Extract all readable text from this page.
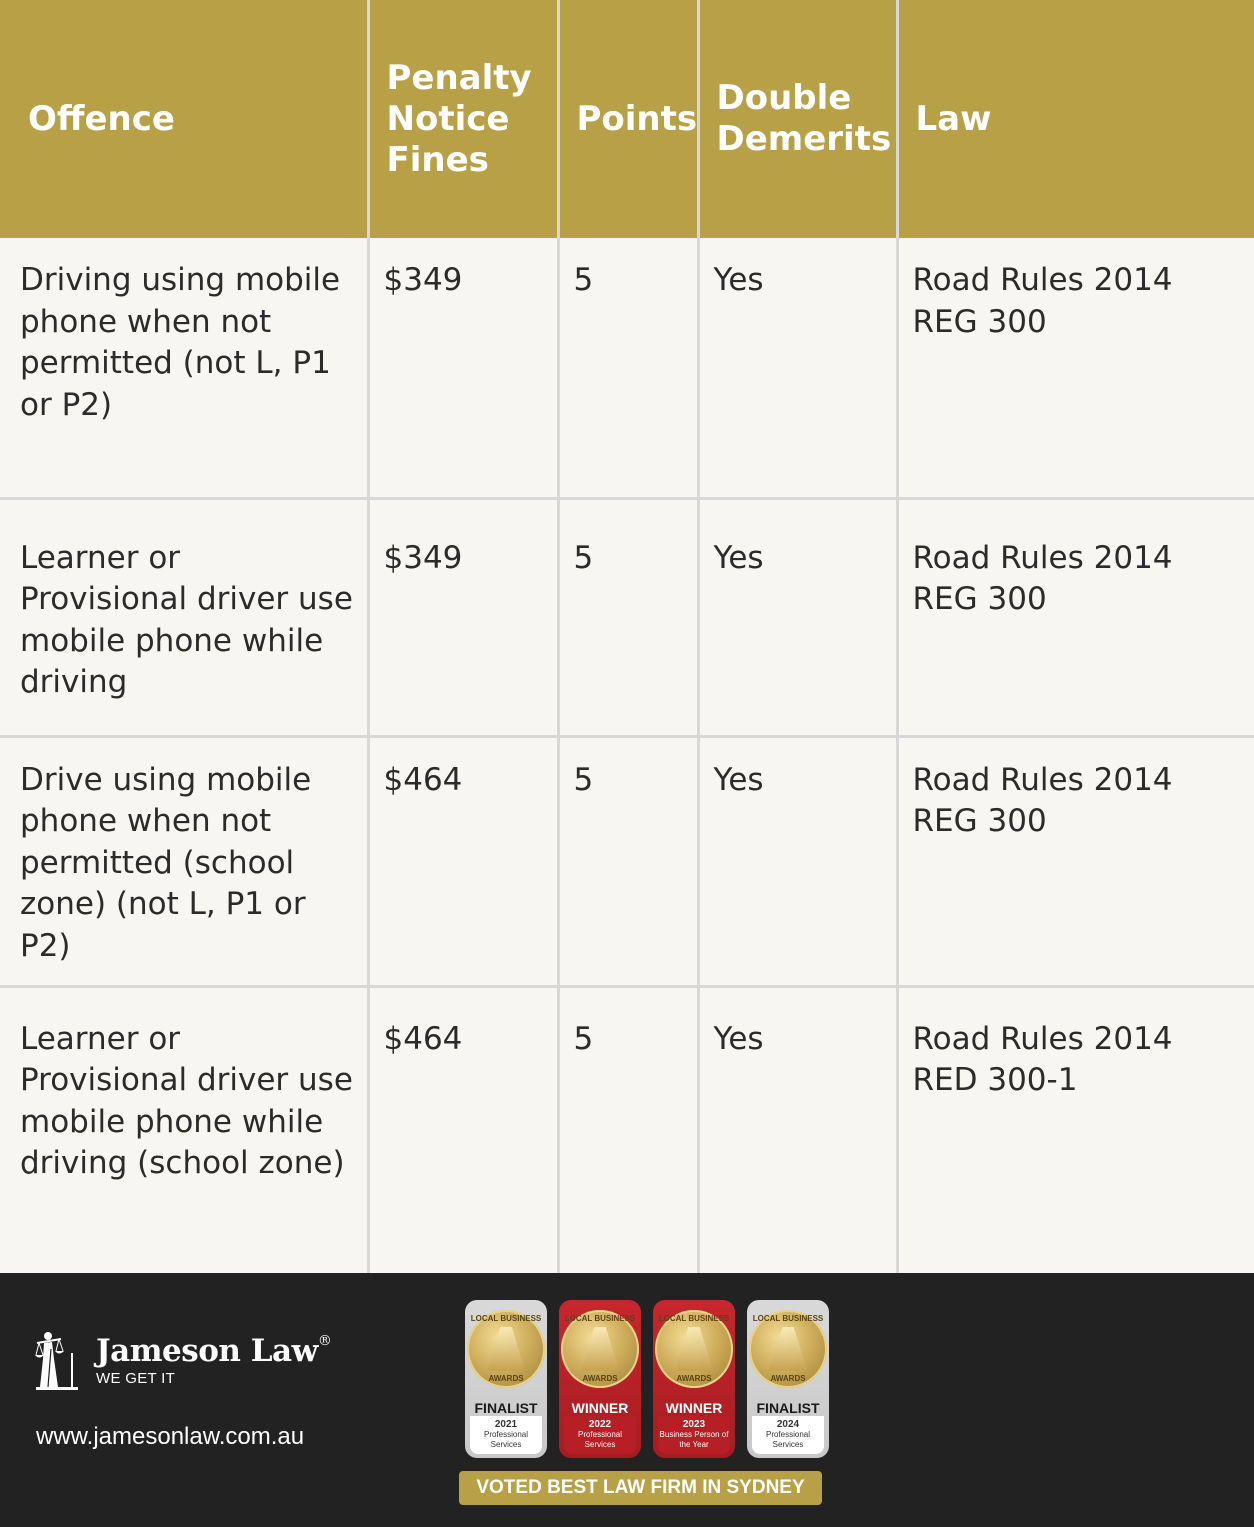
Offence	Penalty Notice Fines	Points	Double Demerits	Law
Driving using mobile phone when not permitted (not L, P1 or P2)	$349	5	Yes	Road Rules 2014
REG 300

Learner or Provisional driver use mobile phone while driving	$349	5	Yes	Road Rules 2014
REG 300

Drive using mobile phone when not permitted (school zone) (not L, P1 or P2)	$464	5	Yes	Road Rules 2014
REG 300

Learner or Provisional driver use mobile phone while driving (school zone)	$464	5	Yes	Road Rules 2014
RED 300-1
Jameson Law®
WE GET IT
www.jamesonlaw.com.au
LOCAL BUSINESS
AWARDS
FINALIST
2021
Professional Services
LOCAL BUSINESS
AWARDS
WINNER
2022
Professional Services
LOCAL BUSINESS
AWARDS
WINNER
2023
Business Person of the Year
LOCAL BUSINESS
AWARDS
FINALIST
2024
Professional Services
VOTED BEST LAW FIRM IN SYDNEY
